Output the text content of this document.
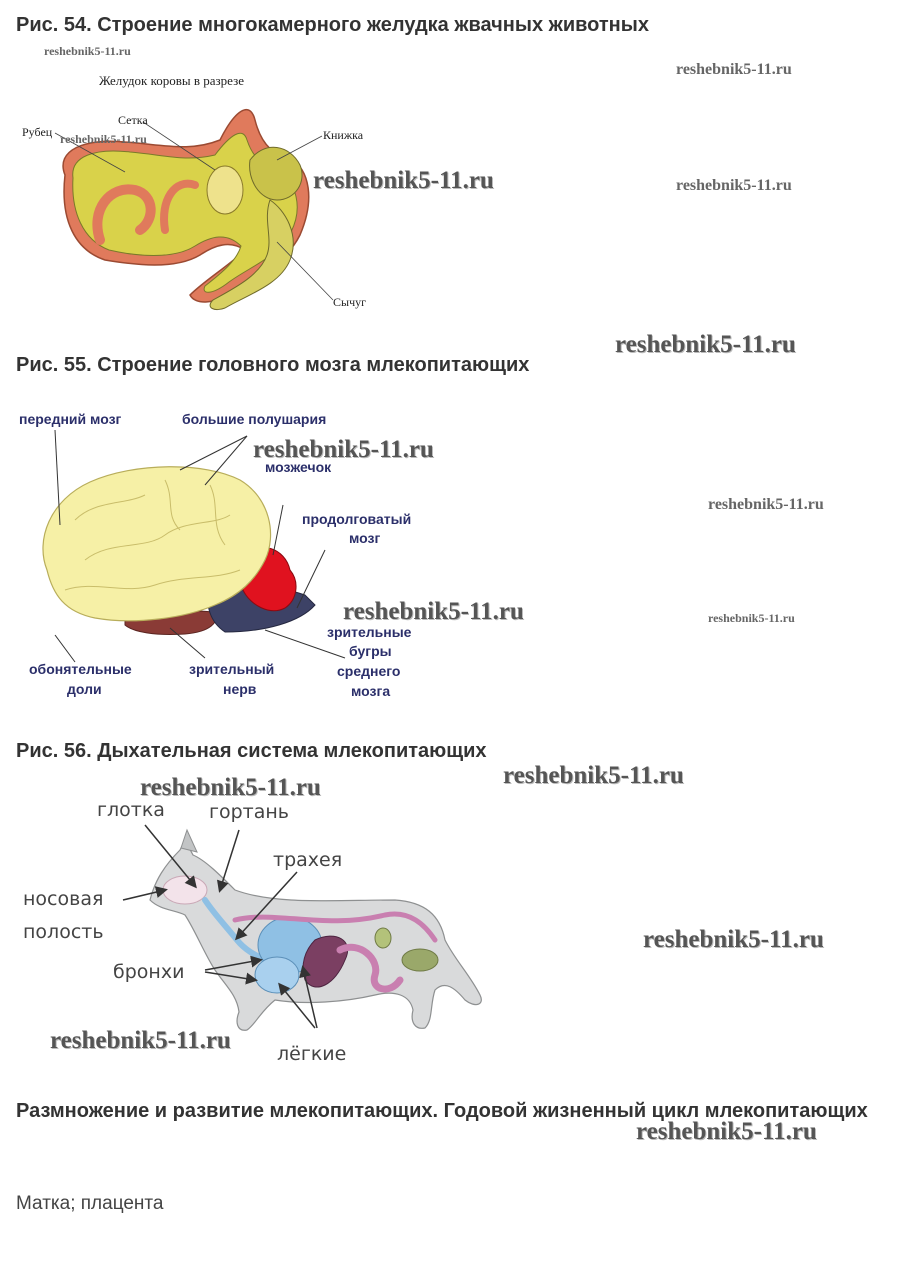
Рис. 54. Строение многокамерного желудка жвачных животных
Желудок коровы в разрезе
Рубец
Сетка
Книжка
Сычуг
Рис. 55. Строение головного мозга млекопитающих
передний мозг	большие полушария
мозжечок
продолговатый
мозг
обонятельные
доли
зрительный
нерв
зрительные
бугры
среднего
мозга
Рис. 56. Дыхательная система млекопитающих
глотка гортань
трахея
носовая
полость
бронхи
лёгкие

Размножение и развитие млекопитающих. Годовой жизненный цикл млекопитающих

Матка; плацента

reshebnik5-11.ru
reshebnik5-11.ru
reshebnik5-11.ru
reshebnik5-11.ru	reshebnik5-11.ru
reshebnik5-11.ru
reshebnik5-11.ru
reshebnik5-11.ru
reshebnik5-11.ru	reshebnik5-11.ru
reshebnik5-11.ru
reshebnik5-11.ru
reshebnik5-11.ru
reshebnik5-11.ru
reshebnik5-11.ru
